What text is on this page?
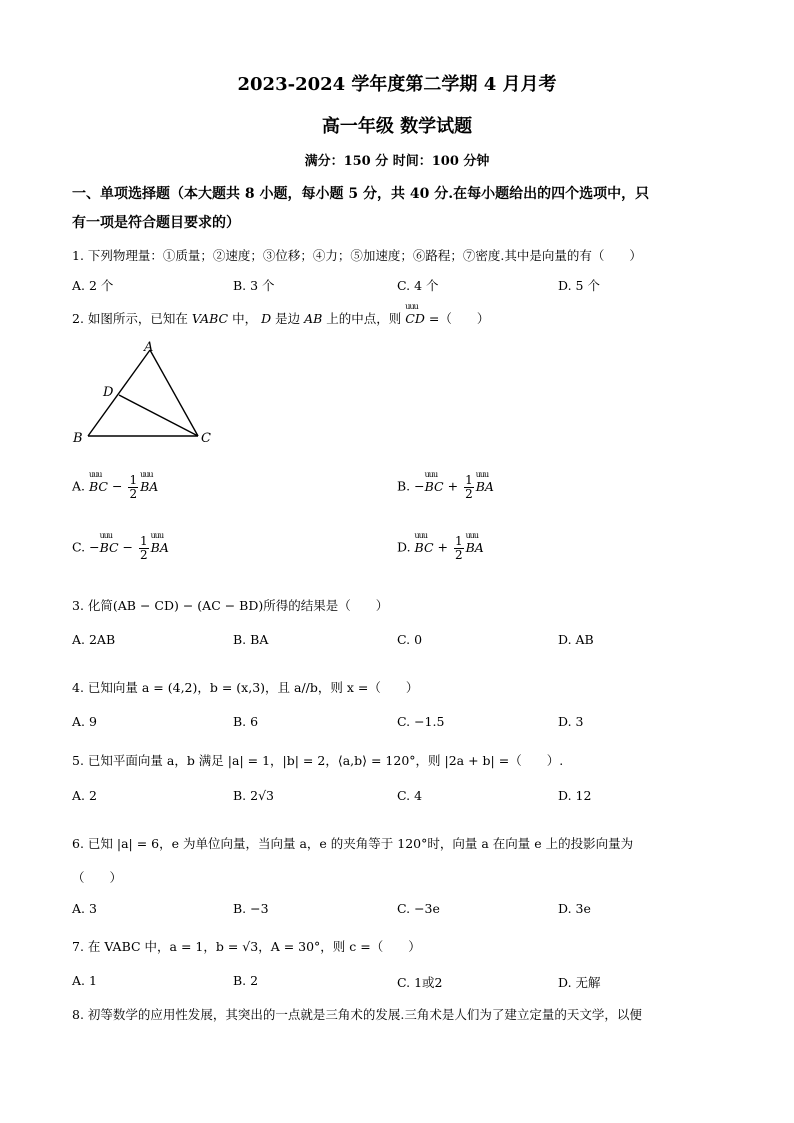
2023-2024 学年度第二学期 4 月月考
高一年级 数学试题
满分：150 分 时间：100 分钟
一、单项选择题（本大题共 8 小题，每小题 5 分，共 40 分.在每小题给出的四个选项中，只
有一项是符合题目要求的）
1. 下列物理量：①质量；②速度；③位移；④力；⑤加速度；⑥路程；⑦密度.其中是向量的有（　　）
A. 2 个	B. 3 个	C. 4 个	D. 5 个
2. 如图所示，已知在 VABC 中， D 是边 AB 上的中点，则 uuu CD =（　　）
A
D
B	C
A. uuu BC − $\frac{1}{2}$ uuu BA	B. −uuu BC + $\frac{1}{2}$ uuu BA
C. −uuu BC − $\frac{1}{2}$ uuu BA	D. uuu BC + $\frac{1}{2}$ uuu BA
3. 化简(AB − CD) − (AC − BD)所得的结果是（　　）
A. 2AB	B. BA	C. 0	D. AB
4. 已知向量 a = (4,2)，b = (x,3)，且 a//b，则 x =（　　）
A. 9	B. 6	C. −1.5	D. 3
5. 已知平面向量 a，b 满足 |a| = 1，|b| = 2，⟨a,b⟩ = 120°，则 |2a + b| =（　　）.
A. 2	B. 2√3	C. 4	D. 12
6. 已知 |a| = 6，e 为单位向量，当向量 a，e 的夹角等于 120°时，向量 a 在向量 e 上的投影向量为
（　　）
A. 3	B. −3	C. −3e	D. 3e
7. 在 VABC 中，a = 1，b = √3，A = 30°，则 c =（　　）
A. 1	B. 2	C. 1或2	D. 无解
8. 初等数学的应用性发展，其突出的一点就是三角术的发展.三角术是人们为了建立定量的天文学，以便
